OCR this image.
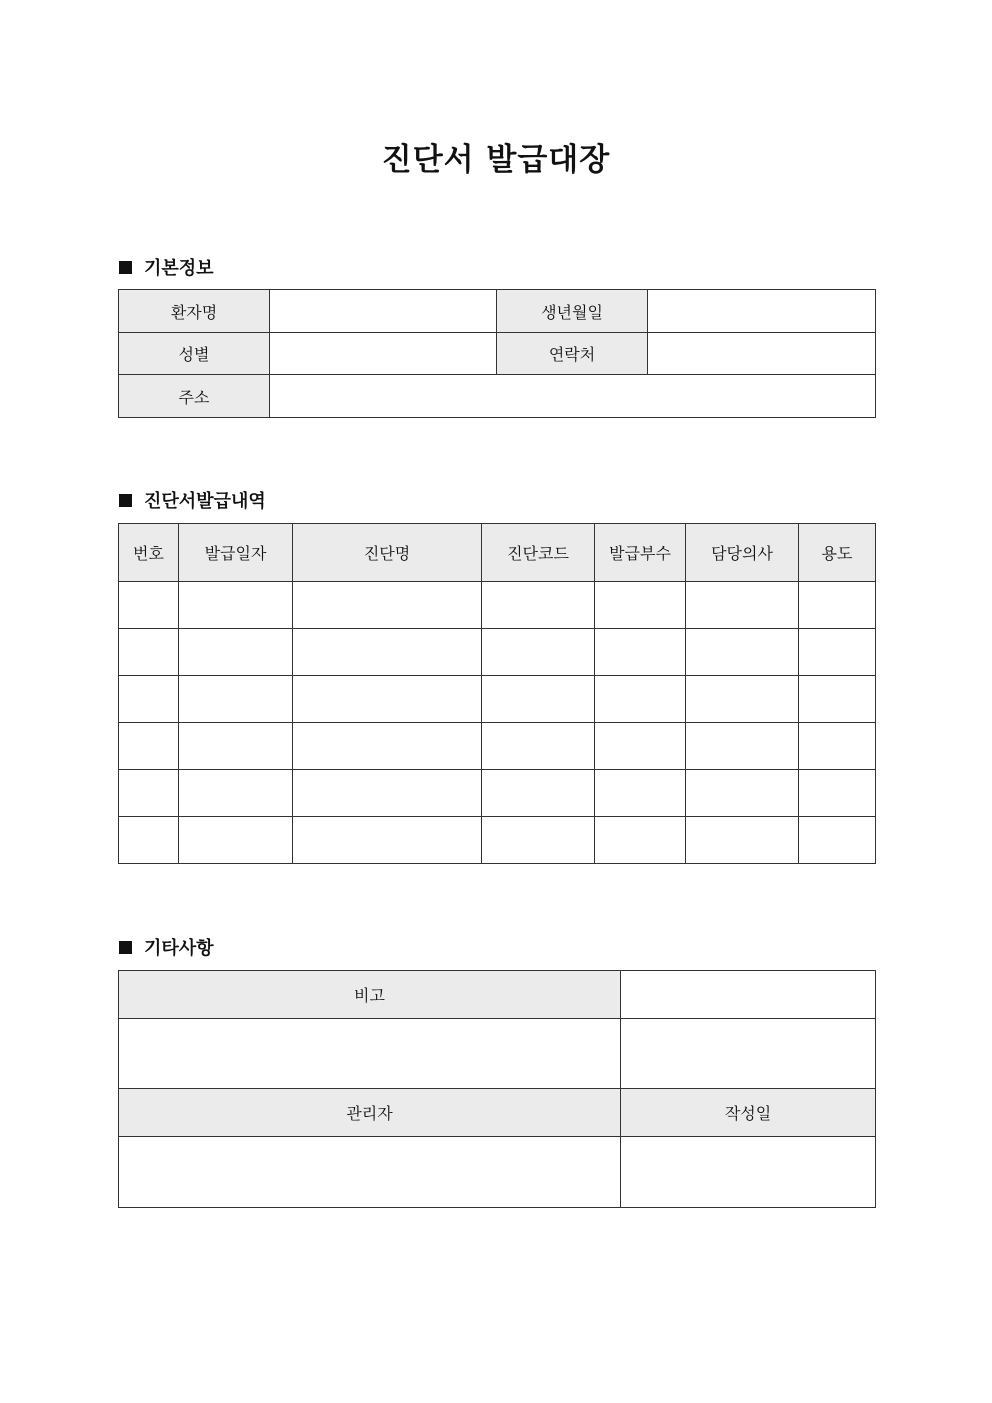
진단서 발급대장
기본정보
환자명		생년월일	
성별		연락처	
주소			
진단서발급내역
번호	발급일자	진단명	진단코드	발급부수	담당의사	용도

기타사항
비고	

관리자	작성일
